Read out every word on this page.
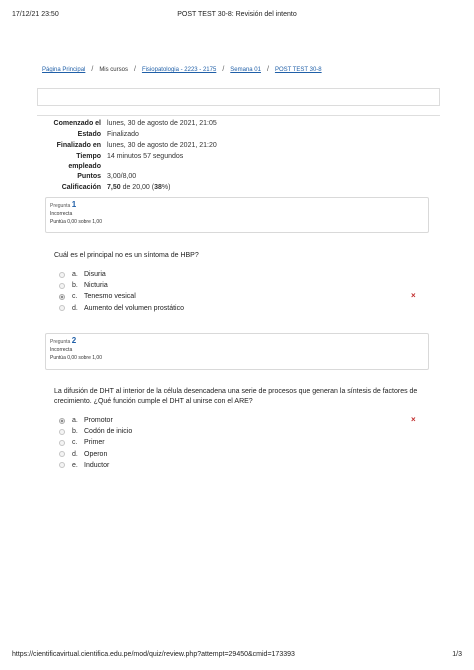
17/12/21 23:50	POST TEST 30-8: Revisión del intento
Página Principal / Mis cursos / Fisiopatologia - 2223 - 2175 / Semana 01 / POST TEST 30-8
Comenzado el lunes, 30 de agosto de 2021, 21:05
Estado Finalizado
Finalizado en lunes, 30 de agosto de 2021, 21:20
Tiempo
empleado
14 minutos 57 segundos
Puntos 3,00/8,00
Calificación 7,50 de 20,00 (38%)
Pregunta 1
Incorrecta
Puntúa 0,00 sobre 1,00
Cuál es el principal no es un síntoma de HBP?
a. Disuria
b. Nicturia
c. Tenesmo vesical	×
d. Aumento del volumen prostático
Pregunta 2
Incorrecta
Puntúa 0,00 sobre 1,00
La difusión de DHT al interior de la célula desencadena una serie de procesos que generan la síntesis de factores de crecimiento. ¿Qué función cumple el DHT al unirse con el ARE?
a. Promotor	×
b. Codón de inicio
c. Primer
d. Operon
e. Inductor
https://cientificavirtual.cientifica.edu.pe/mod/quiz/review.php?attempt=29450&cmid=173393	1/3
